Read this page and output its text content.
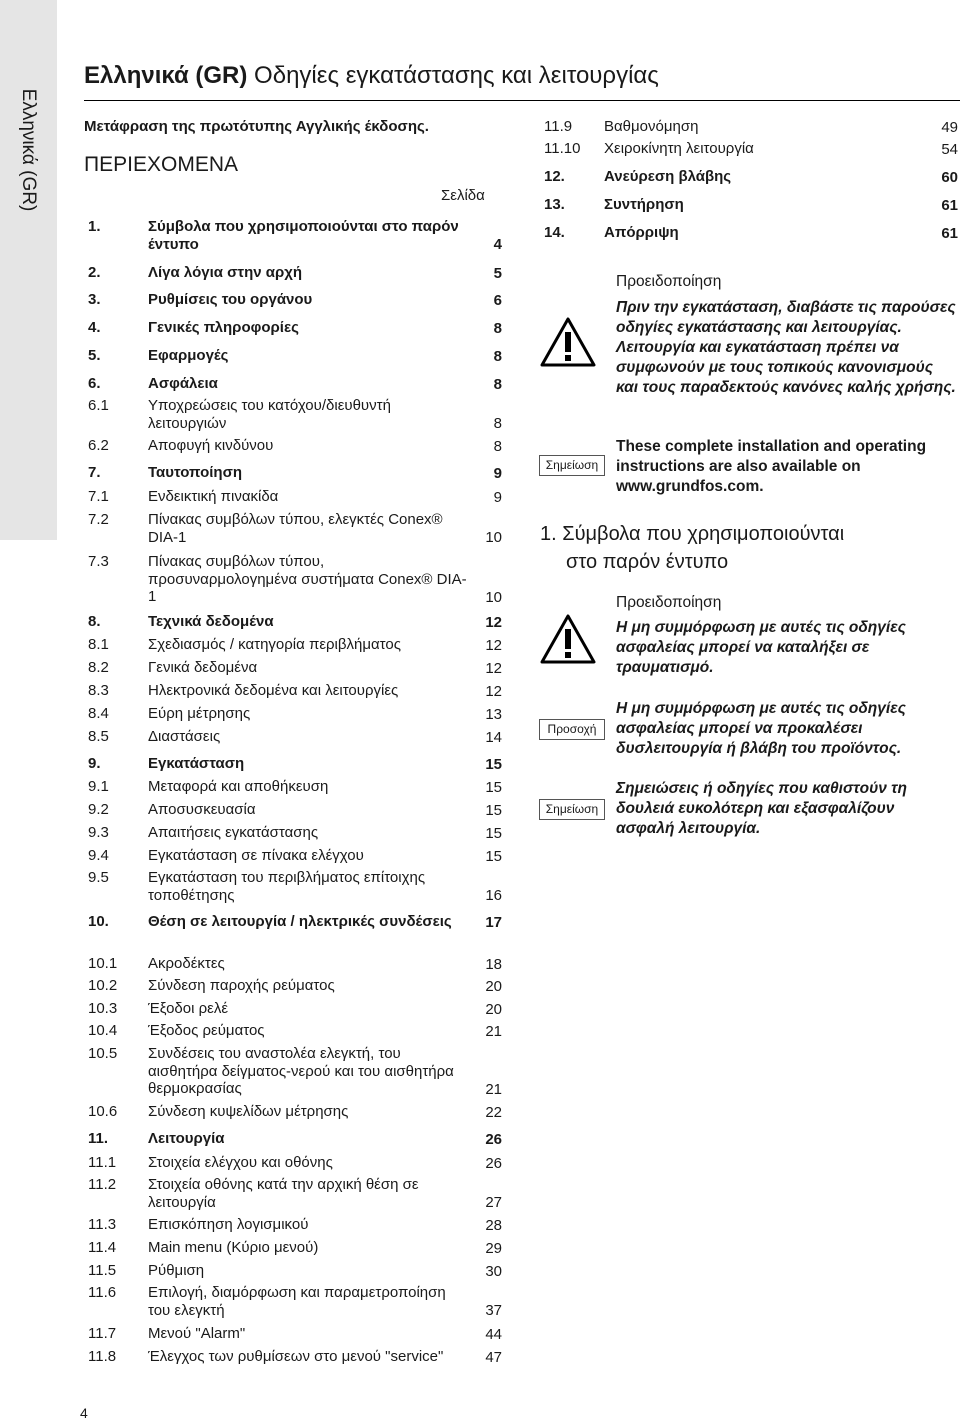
Ελληνικά (GR)
Ελληνικά (GR) Οδηγίες εγκατάστασης και λειτουργίας
Μετάφραση της πρωτότυπης Αγγλικής έκδοσης.
ΠΕΡΙΕΧΟΜΕΝΑ
Σελίδα
1.	Σύμβολα που χρησιμοποιούνται στο παρόν έντυπο	4
2.	Λίγα λόγια στην αρχή	5
3.	Ρυθμίσεις του οργάνου	6
4.	Γενικές πληροφορίες	8
5.	Εφαρμογές	8
6.	Ασφάλεια	8
6.1	Υποχρεώσεις του κατόχου/διευθυντή λειτουργιών	8
6.2	Αποφυγή κινδύνου	8
7.	Ταυτοποίηση	9
7.1	Ενδεικτική πινακίδα	9
7.2	Πίνακας συμβόλων τύπου, ελεγκτές Conex® DIA-1	10
7.3	Πίνακας συμβόλων τύπου, προσυναρμολογημένα συστήματα Conex® DIA-1	10
8.	Τεχνικά δεδομένα	12
8.1	Σχεδιασμός / κατηγορία περιβλήματος	12
8.2	Γενικά δεδομένα	12
8.3	Ηλεκτρονικά δεδομένα και λειτουργίες	12
8.4	Εύρη μέτρησης	13
8.5	Διαστάσεις	14
9.	Εγκατάσταση	15
9.1	Μεταφορά και αποθήκευση	15
9.2	Αποσυσκευασία	15
9.3	Απαιτήσεις εγκατάστασης	15
9.4	Εγκατάσταση σε πίνακα ελέγχου	15
9.5	Εγκατάσταση του περιβλήματος επίτοιχης τοποθέτησης	16
10.	Θέση σε λειτουργία / ηλεκτρικές συνδέσεις	17
10.1 Ακροδέκτες	18
10.2 Σύνδεση παροχής ρεύματος	20
10.3 Έξοδοι ρελέ	20
10.4 Έξοδος ρεύματος	21
10.5 Συνδέσεις του αναστολέα ελεγκτή, του αισθητήρα δείγματος-νερού και του αισθητήρα θερμοκρασίας	21
10.6 Σύνδεση κυψελίδων μέτρησης	22
11.	Λειτουργία	26
11.1 Στοιχεία ελέγχου και οθόνης	26
11.2 Στοιχεία οθόνης κατά την αρχική θέση σε λειτουργία	27
11.3 Επισκόπηση λογισμικού	28
11.4 Main menu (Κύριο μενού)	29
11.5 Ρύθμιση	30
11.6 Επιλογή, διαμόρφωση και παραμετροποίηση του ελεγκτή	37
11.7 Μενού "Alarm"	44
11.8 Έλεγχος των ρυθμίσεων στο μενού "service"	47
11.9 Βαθμονόμηση	49
11.10 Χειροκίνητη λειτουργία	54
12.	Ανεύρεση βλάβης	60
13.	Συντήρηση	61
14.	Απόρριψη	61
Προειδοποίηση
Πριν την εγκατάσταση, διαβάστε τις παρούσες οδηγίες εγκατάστασης και λειτουργίας. Λειτουργία και εγκατάσταση πρέπει να συμφωνούν με τους τοπικούς κανονισμούς και τους παραδεκτούς κανόνες καλής χρήσης.
Σημείωση
These complete installation and operating instructions are also available on www.grundfos.com.
1. Σύμβολα που χρησιμοποιούνται
στο παρόν έντυπο
Προειδοποίηση
Η μη συμμόρφωση με αυτές τις οδηγίες ασφαλείας μπορεί να καταλήξει σε τραυματισμό.
Προσοχή
Η μη συμμόρφωση με αυτές τις οδηγίες ασφαλείας μπορεί να προκαλέσει δυσλειτουργία ή βλάβη του προϊόντος.
Σημείωση
Σημειώσεις ή οδηγίες που καθιστούν τη δουλειά ευκολότερη και εξασφαλίζουν ασφαλή λειτουργία.
4
